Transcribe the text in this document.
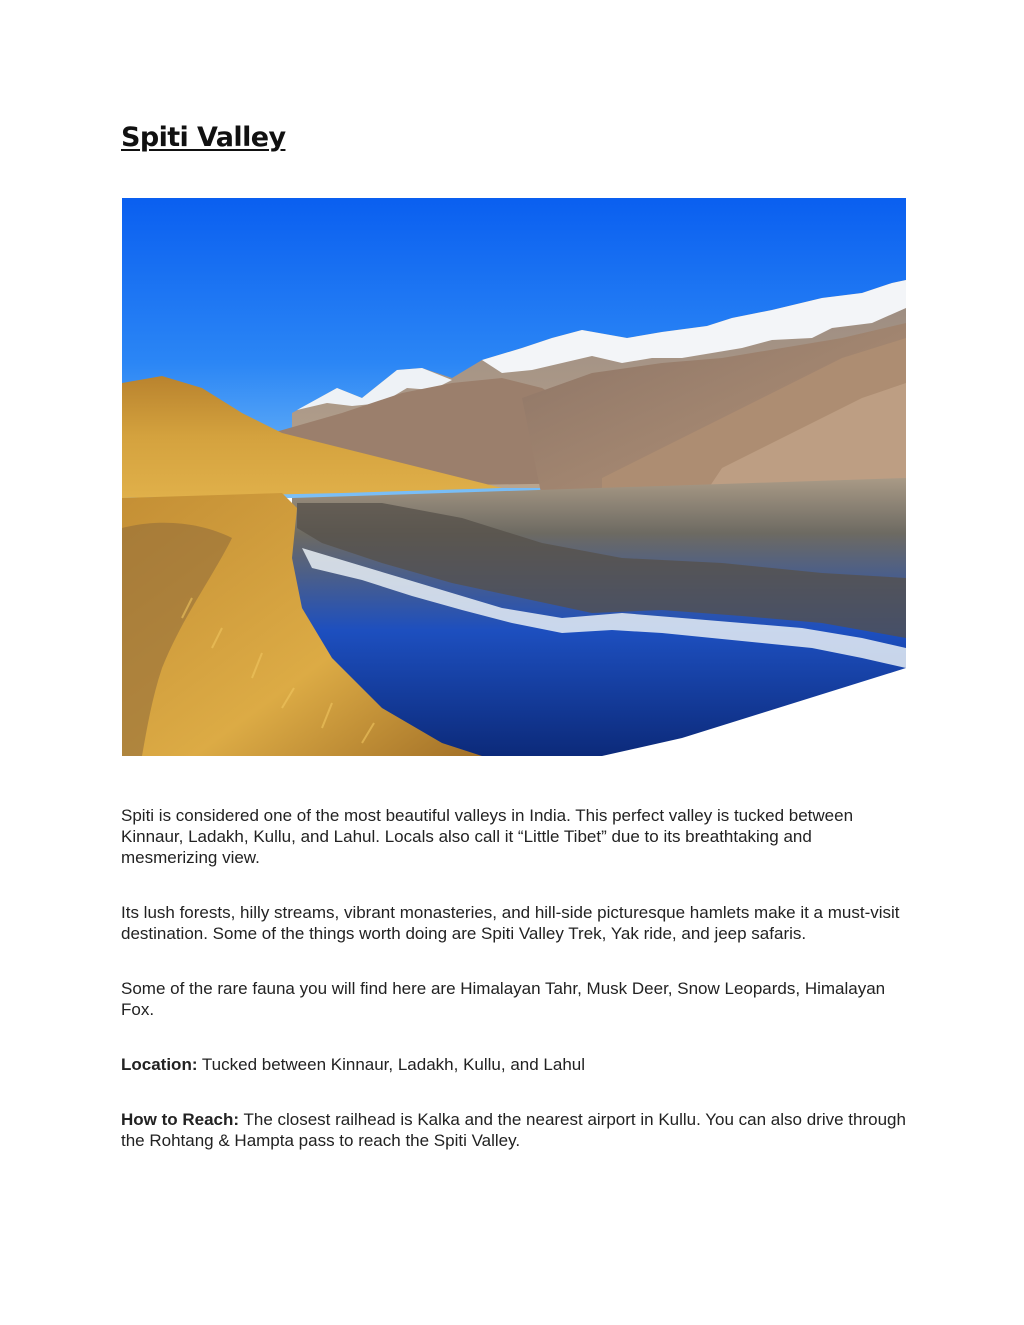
Spiti Valley

Spiti is considered one of the most beautiful valleys in India. This perfect valley is tucked between Kinnaur, Ladakh, Kullu, and Lahul. Locals also call it “Little Tibet” due to its breathtaking and mesmerizing view.

Its lush forests, hilly streams, vibrant monasteries, and hill-side picturesque hamlets make it a must-visit destination. Some of the things worth doing are Spiti Valley Trek, Yak ride, and jeep safaris.

Some of the rare fauna you will find here are Himalayan Tahr, Musk Deer, Snow Leopards, Himalayan Fox.

Location: Tucked between Kinnaur, Ladakh, Kullu, and Lahul

How to Reach: The closest railhead is Kalka and the nearest airport in Kullu. You can also drive through the Rohtang & Hampta pass to reach the Spiti Valley.
